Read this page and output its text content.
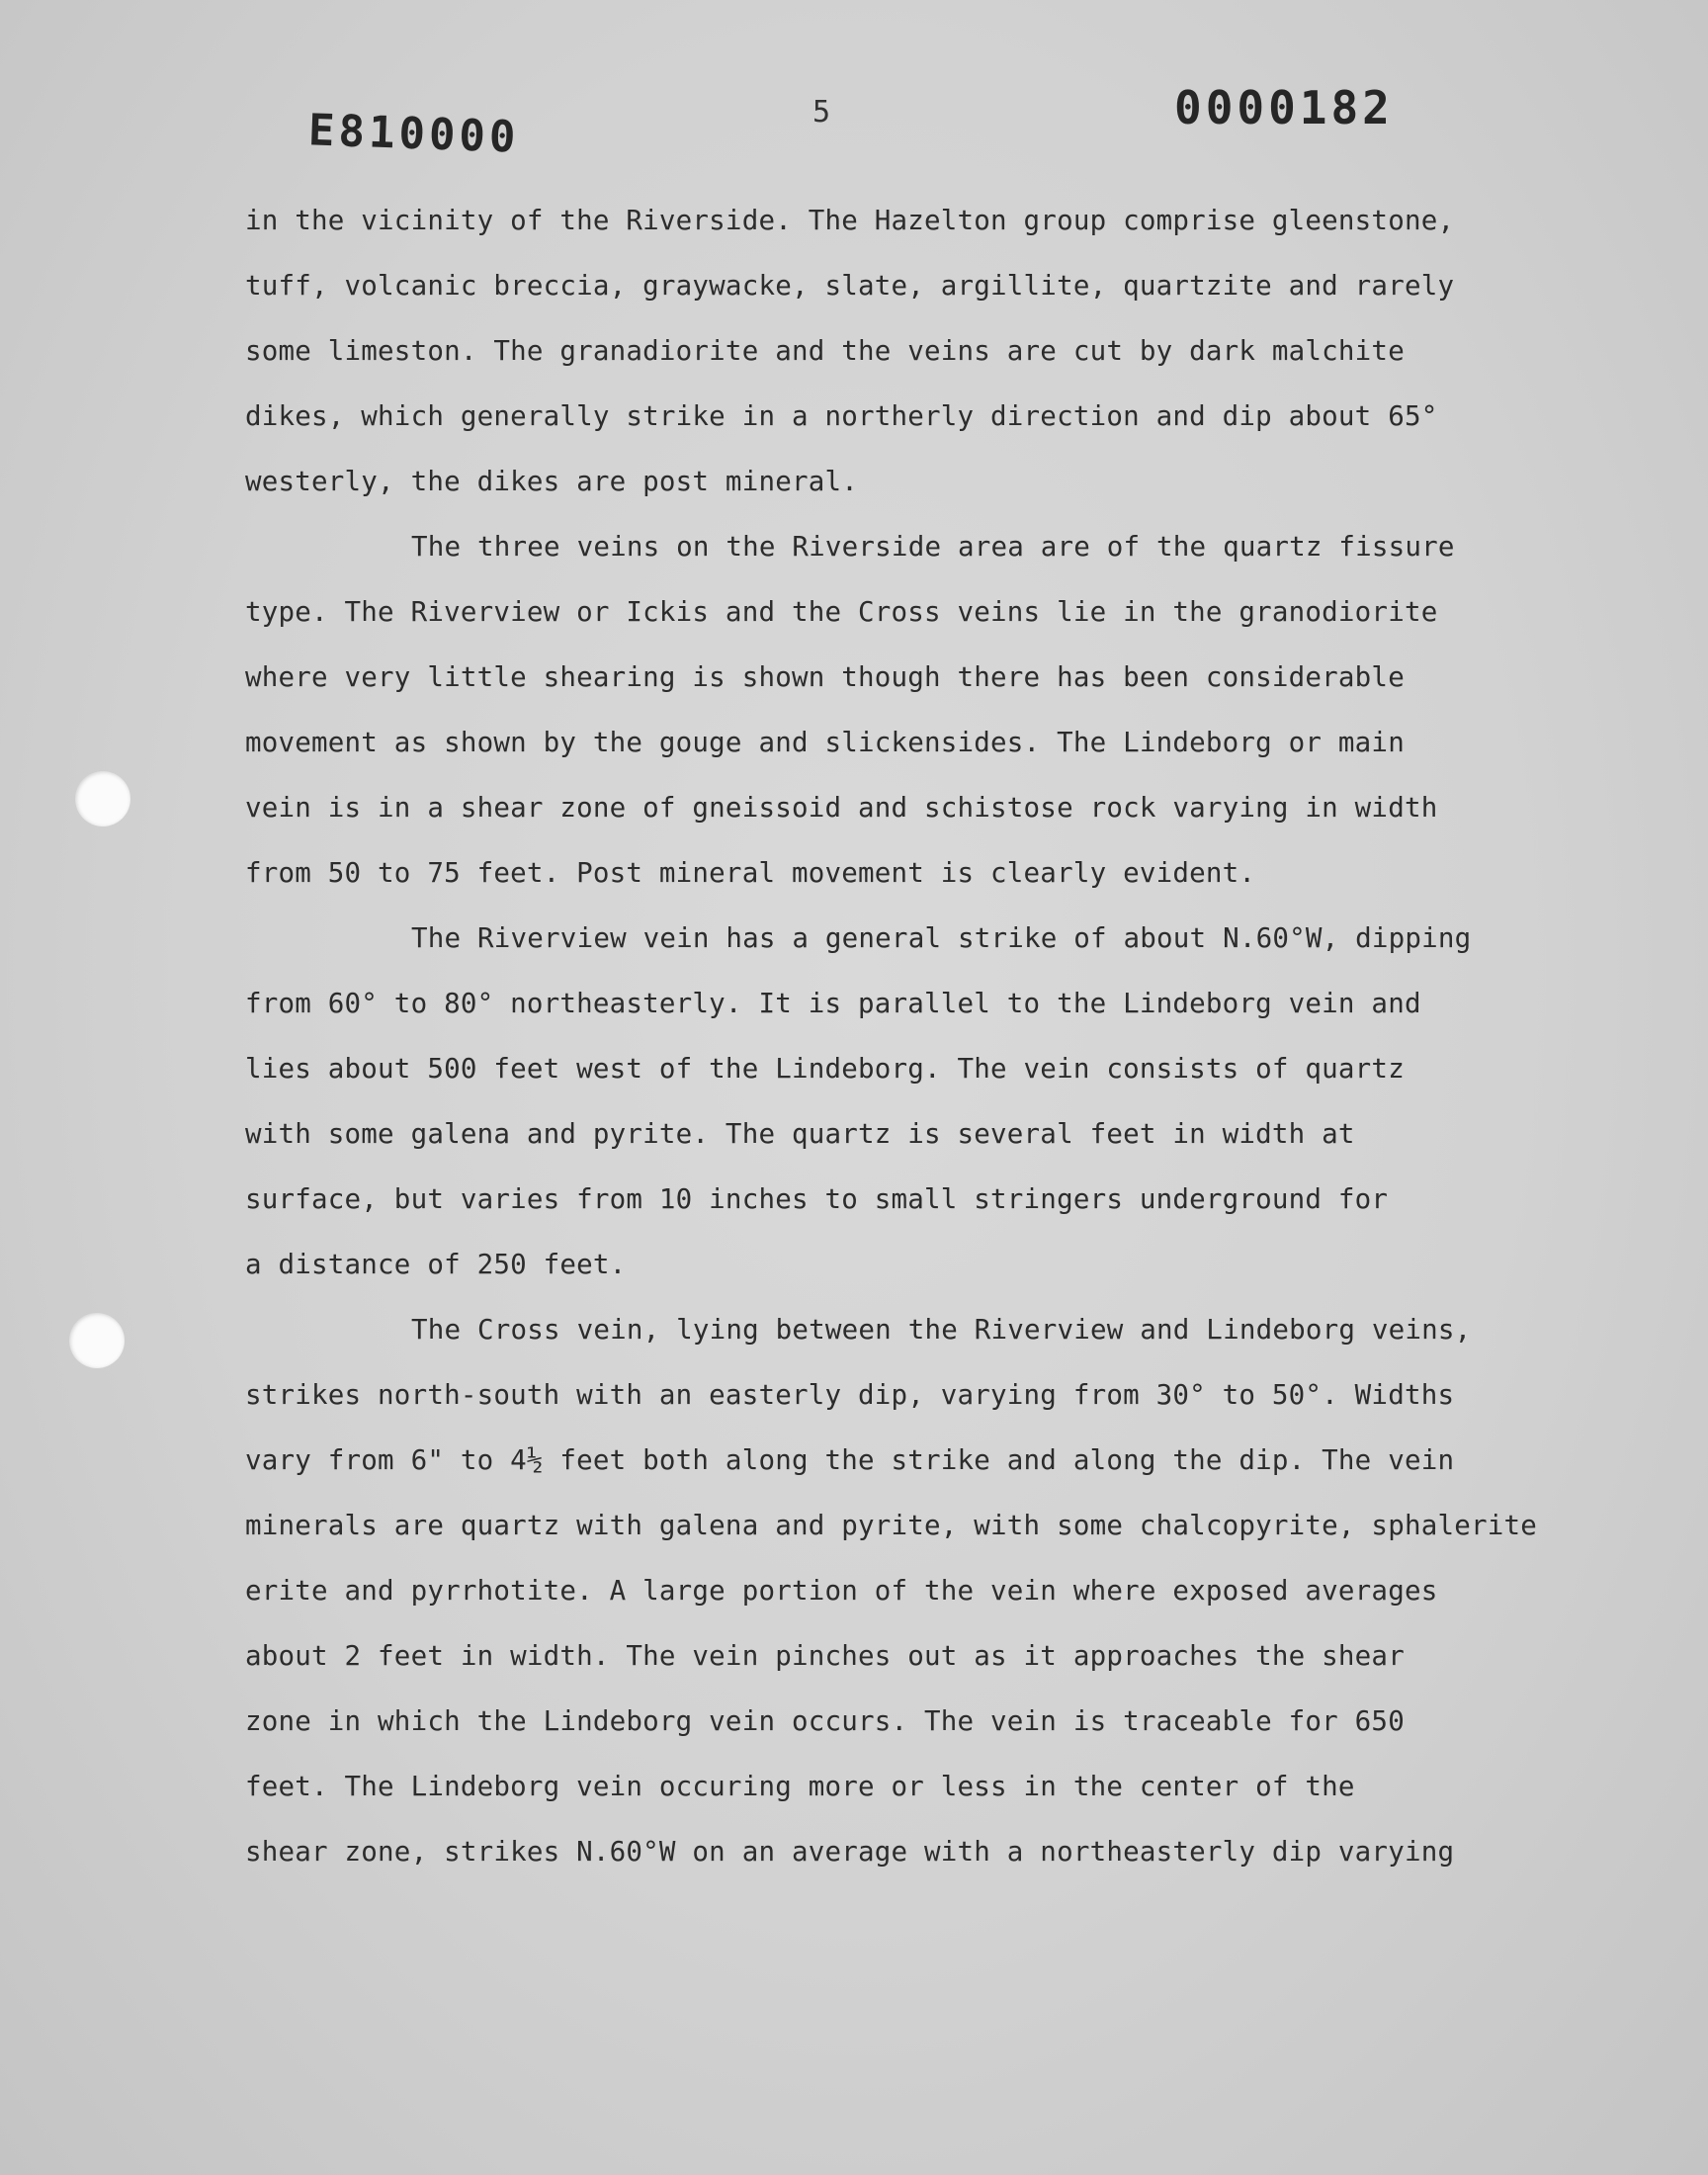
E810000	5	0000182
in the vicinity of the Riverside. The Hazelton group comprise gleenstone,
tuff, volcanic breccia, graywacke, slate, argillite, quartzite and rarely
some limeston. The granadiorite and the veins are cut by dark malchite
dikes, which generally strike in a northerly direction and dip about 65°
westerly, the dikes are post mineral.
The three veins on the Riverside area are of the quartz fissure
type. The Riverview or Ickis and the Cross veins lie in the granodiorite
where very little shearing is shown though there has been considerable
movement as shown by the gouge and slickensides. The Lindeborg or main
vein is in a shear zone of gneissoid and schistose rock varying in width
from 50 to 75 feet. Post mineral movement is clearly evident.
The Riverview vein has a general strike of about N.60°W, dipping
from 60° to 80° northeasterly. It is parallel to the Lindeborg vein and
lies about 500 feet west of the Lindeborg. The vein consists of quartz
with some galena and pyrite. The quartz is several feet in width at
surface, but varies from 10 inches to small stringers underground for
a distance of 250 feet.
The Cross vein, lying between the Riverview and Lindeborg veins,
strikes north-south with an easterly dip, varying from 30° to 50°. Widths
vary from 6" to 4½ feet both along the strike and along the dip. The vein
minerals are quartz with galena and pyrite, with some chalcopyrite, sphalerite
erite and pyrrhotite. A large portion of the vein where exposed averages
about 2 feet in width. The vein pinches out as it approaches the shear
zone in which the Lindeborg vein occurs. The vein is traceable for 650
feet. The Lindeborg vein occuring more or less in the center of the
shear zone, strikes N.60°W on an average with a northeasterly dip varying
